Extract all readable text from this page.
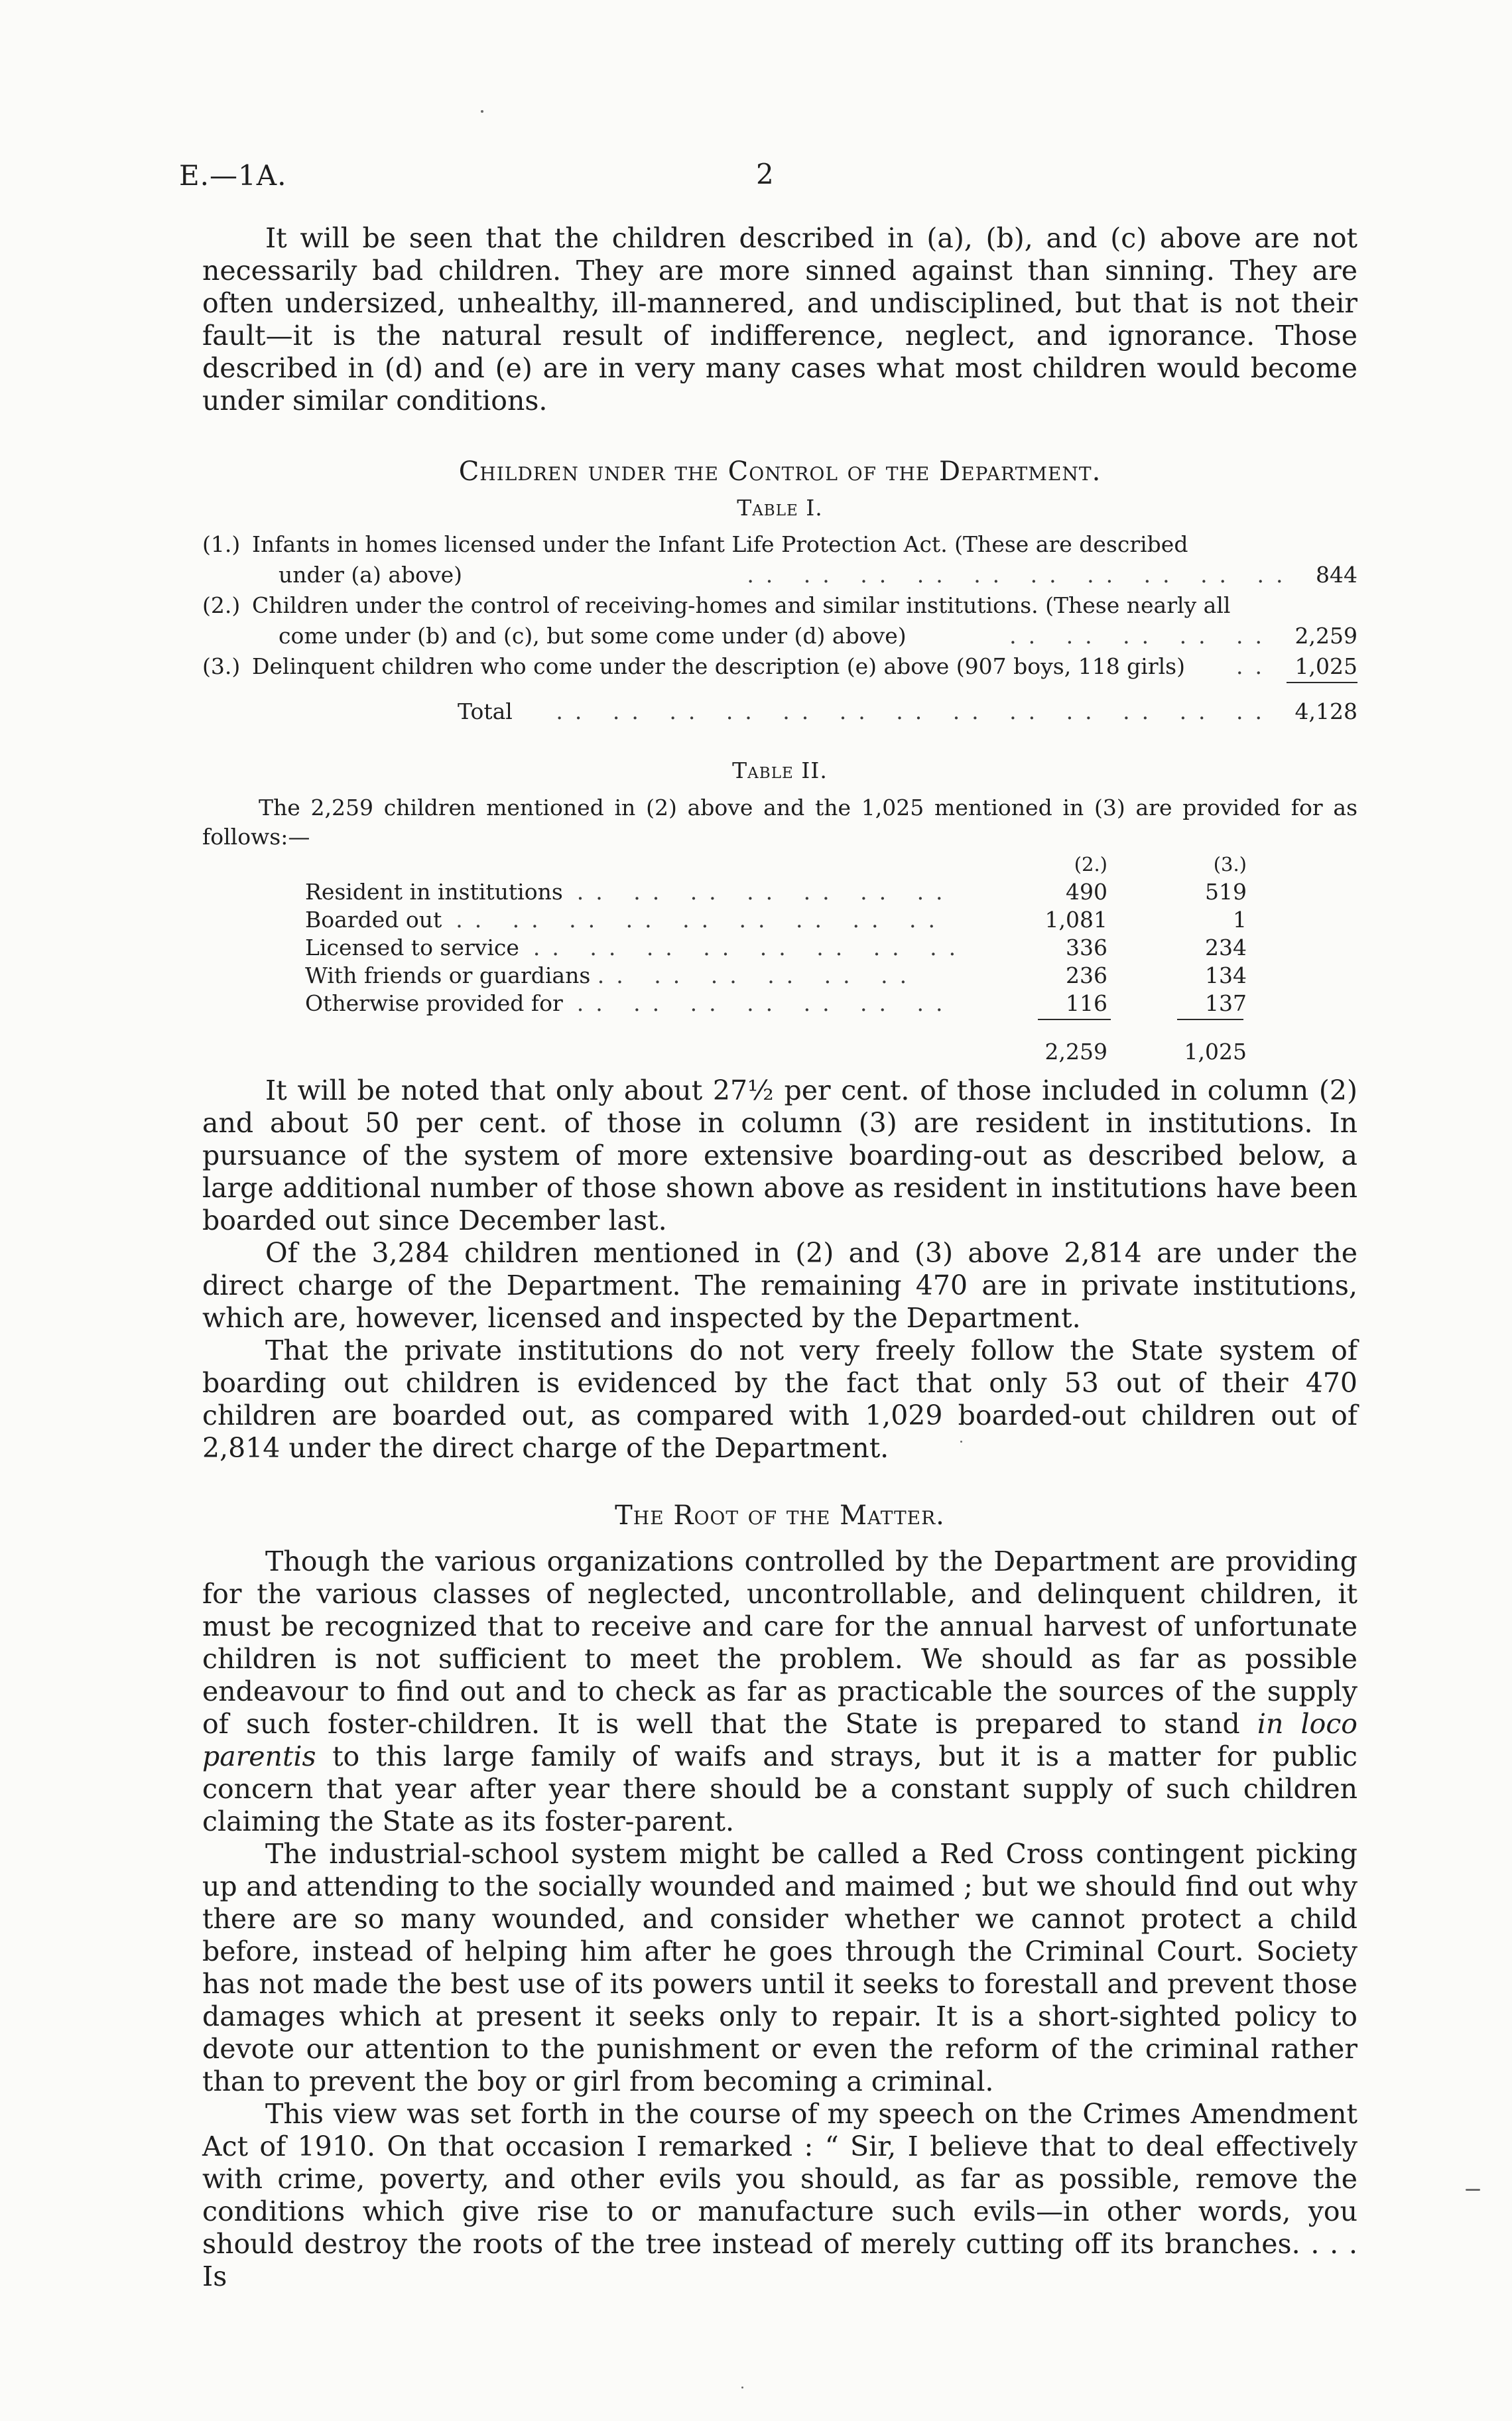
E.—1A.	2

It will be seen that the children described in (a), (b), and (c) above are not necessarily bad children. They are more sinned against than sinning. They are often undersized, unhealthy, ill-mannered, and undisciplined, but that is not their fault—it is the natural result of indifference, neglect, and ignorance. Those described in (d) and (e) are in very many cases what most children would become under similar conditions.

Children under the Control of the Department.
Table I.
(1.) Infants in homes licensed under the Infant Life Protection Act. (These are described
under (a) above)	.. .. .. .. .. .. .. .. .. .. 844
(2.) Children under the control of receiving-homes and similar institutions. (These nearly all
come under (b) and (c), but some come under (d) above)	.. .. .. .. .. 2,259
(3.) Delinquent children who come under the description (e) above (907 boys, 118 girls) .. 1,025
Total .. .. .. .. .. .. .. .. .. .. .. .. .. 4,128
Table II.
The 2,259 children mentioned in (2) above and the 1,025 mentioned in (3) are provided for as follows:—
(2.)	(3.)
Resident in institutions .. .. .. .. .. .. ..	490	519
Boarded out .. .. .. .. .. .. .. .. ..	1,081	1
Licensed to service .. .. .. .. .. .. .. ..	336	234
With friends or guardians .. .. .. .. .. ..	236	134
Otherwise provided for .. .. .. .. .. .. ..	116	137
2,259	1,025

It will be noted that only about 27½ per cent. of those included in column (2) and about 50 per cent. of those in column (3) are resident in institutions. In pursuance of the system of more extensive boarding-out as described below, a large additional number of those shown above as resident in institutions have been boarded out since December last.

Of the 3,284 children mentioned in (2) and (3) above 2,814 are under the direct charge of the Department. The remaining 470 are in private institutions, which are, however, licensed and inspected by the Department.

That the private institutions do not very freely follow the State system of boarding out children is evidenced by the fact that only 53 out of their 470 children are boarded out, as compared with 1,029 boarded-out children out of 2,814 under the direct charge of the Department.

The Root of the Matter.

Though the various organizations controlled by the Department are providing for the various classes of neglected, uncontrollable, and delinquent children, it must be recognized that to receive and care for the annual harvest of unfortunate children is not sufficient to meet the problem. We should as far as possible endeavour to find out and to check as far as practicable the sources of the supply of such foster-children. It is well that the State is prepared to stand in loco parentis to this large family of waifs and strays, but it is a matter for public concern that year after year there should be a constant supply of such children claiming the State as its foster-parent.

The industrial-school system might be called a Red Cross contingent picking up and attending to the socially wounded and maimed ; but we should find out why there are so many wounded, and consider whether we cannot protect a child before, instead of helping him after he goes through the Criminal Court. Society has not made the best use of its powers until it seeks to forestall and prevent those damages which at present it seeks only to repair. It is a short-sighted policy to devote our attention to the punishment or even the reform of the criminal rather than to prevent the boy or girl from becoming a criminal.

This view was set forth in the course of my speech on the Crimes Amendment Act of 1910. On that occasion I remarked : “ Sir, I believe that to deal effectively with crime, poverty, and other evils you should, as far as possible, remove the conditions which give rise to or manufacture such evils—in other words, you should destroy the roots of the tree instead of merely cutting off its branches. . . . Is
